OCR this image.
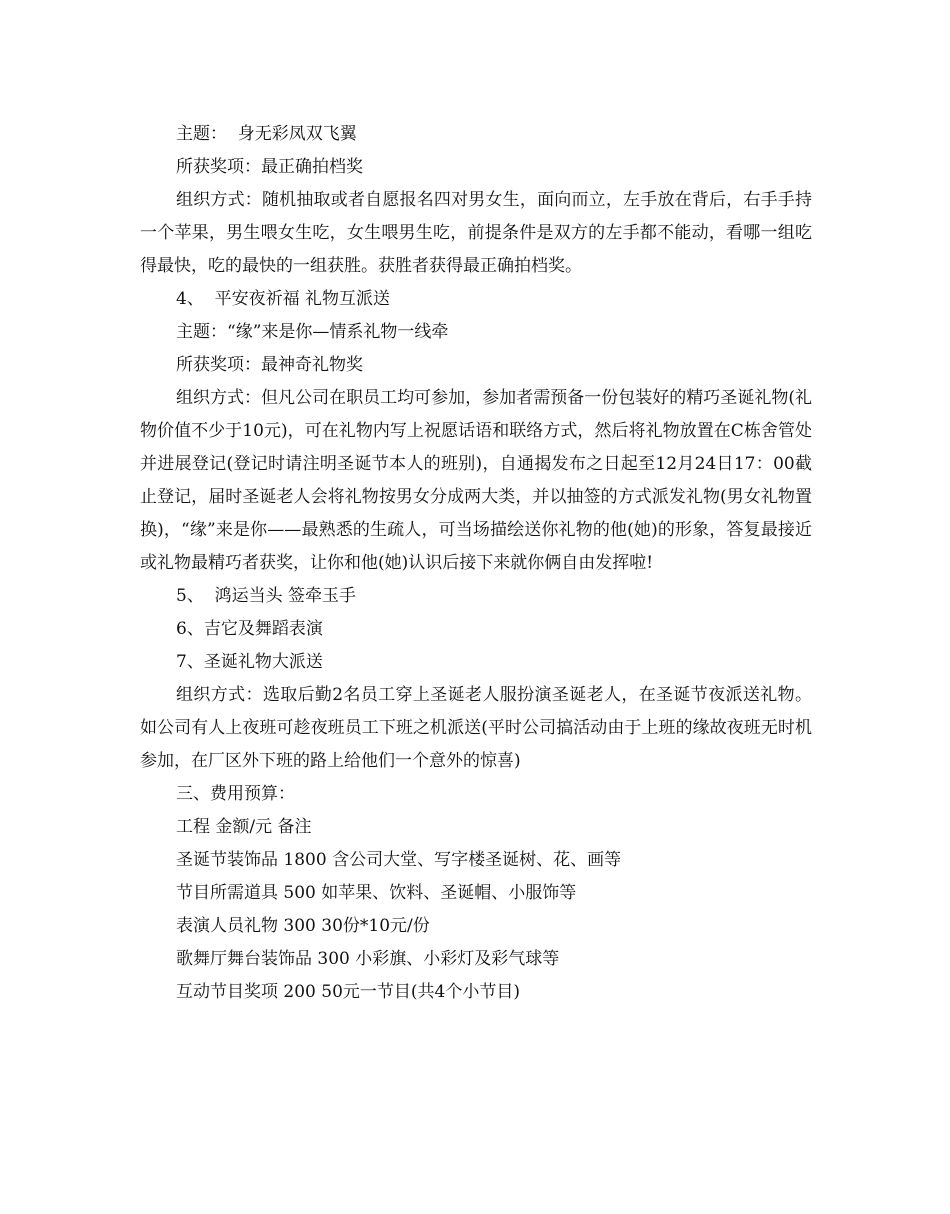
主题：  身无彩凤双飞翼

所获奖项：最正确拍档奖

组织方式：随机抽取或者自愿报名四对男女生，面向而立，左手放在背后，右手手持一个苹果，男生喂女生吃，女生喂男生吃，前提条件是双方的左手都不能动，看哪一组吃得最快，吃的最快的一组获胜。获胜者获得最正确拍档奖。

4、  平安夜祈福 礼物互派送

主题：“缘”来是你—情系礼物一线牵

所获奖项：最神奇礼物奖

组织方式：但凡公司在职员工均可参加，参加者需预备一份包装好的精巧圣诞礼物(礼物价值不少于10元)，可在礼物内写上祝愿话语和联络方式，然后将礼物放置在C栋舍管处并进展登记(登记时请注明圣诞节本人的班别)，自通揭发布之日起至12月24日17：00截止登记，届时圣诞老人会将礼物按男女分成两大类，并以抽签的方式派发礼物(男女礼物置换)，“缘”来是你——最熟悉的生疏人，可当场描绘送你礼物的他(她)的形象，答复最接近或礼物最精巧者获奖，让你和他(她)认识后接下来就你俩自由发挥啦!

5、  鸿运当头 签牵玉手

6、吉它及舞蹈表演

7、圣诞礼物大派送

组织方式：选取后勤2名员工穿上圣诞老人服扮演圣诞老人，在圣诞节夜派送礼物。如公司有人上夜班可趁夜班员工下班之机派送(平时公司搞活动由于上班的缘故夜班无时机参加，在厂区外下班的路上给他们一个意外的惊喜)

三、费用预算：

工程 金额/元 备注

圣诞节装饰品 1800 含公司大堂、写字楼圣诞树、花、画等

节目所需道具 500 如苹果、饮料、圣诞帽、小服饰等

表演人员礼物 300 30份*10元/份

歌舞厅舞台装饰品 300 小彩旗、小彩灯及彩气球等

互动节目奖项 200 50元一节目(共4个小节目)
